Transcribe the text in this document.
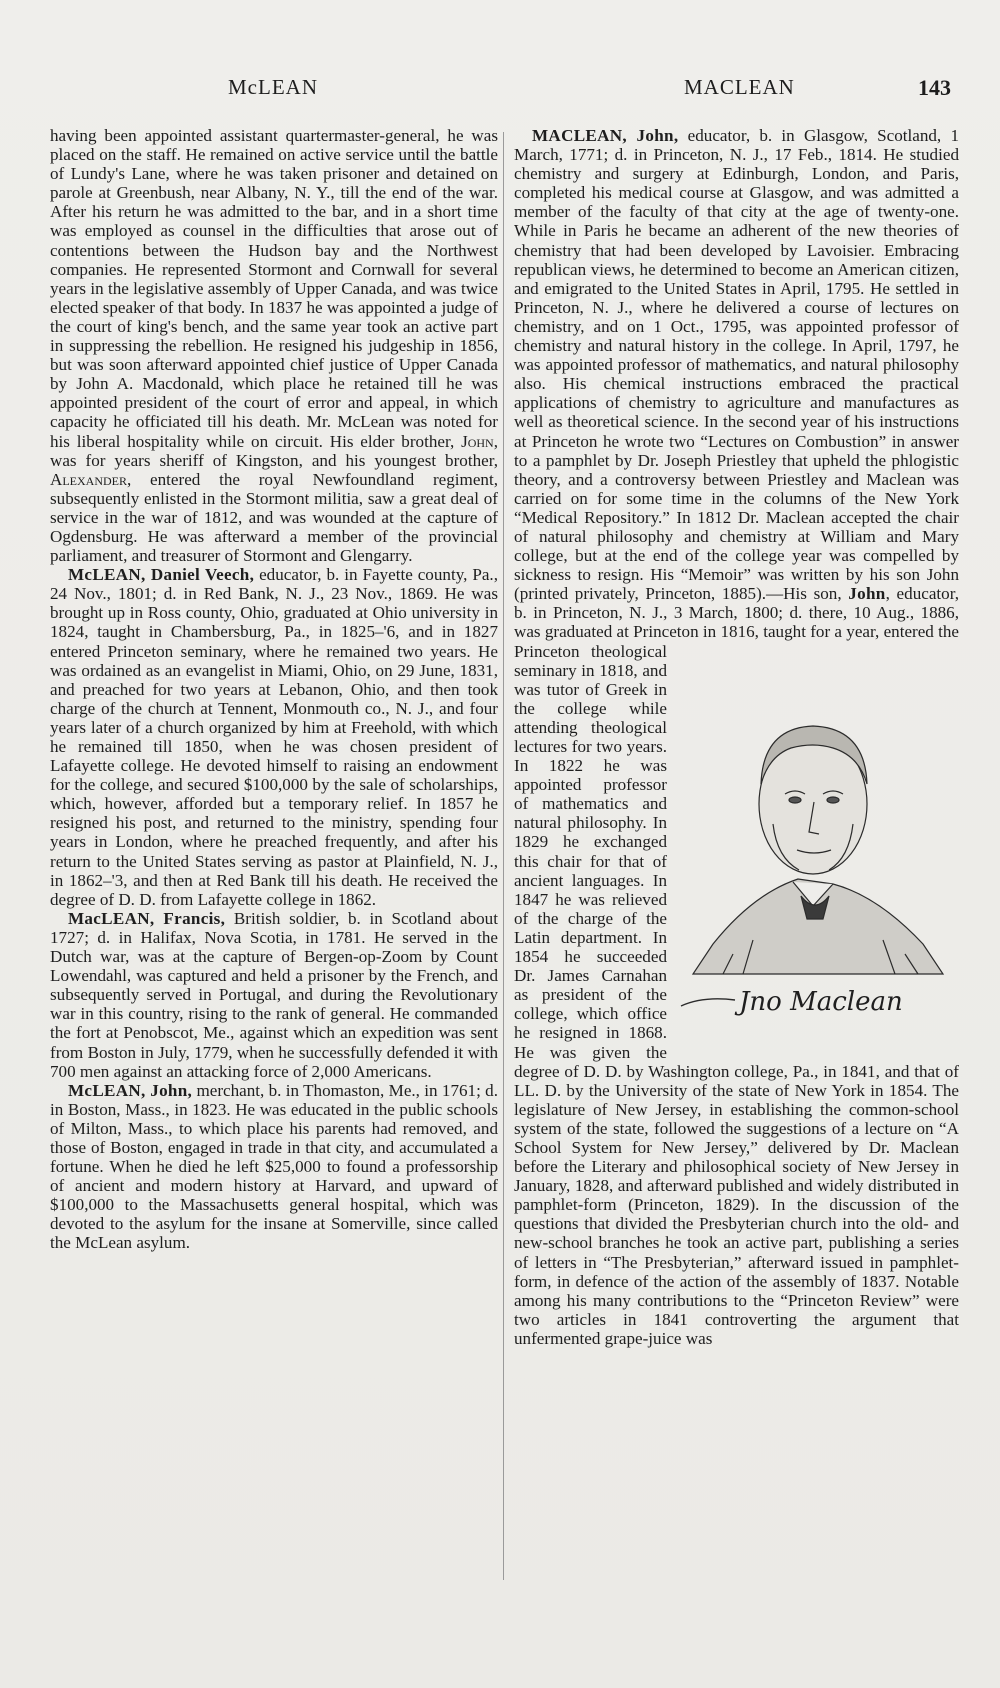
McLEAN	MACLEAN	143

having been appointed assistant quartermaster-general, he was placed on the staff. He remained on active service until the battle of Lundy's Lane, where he was taken prisoner and detained on parole at Greenbush, near Albany, N. Y., till the end of the war. After his return he was admitted to the bar, and in a short time was employed as counsel in the difficulties that arose out of contentions between the Hudson bay and the Northwest companies. He represented Stormont and Cornwall for several years in the legislative assembly of Upper Canada, and was twice elected speaker of that body. In 1837 he was appointed a judge of the court of king's bench, and the same year took an active part in suppressing the rebellion. He resigned his judgeship in 1856, but was soon afterward appointed chief justice of Upper Canada by John A. Macdonald, which place he retained till he was appointed president of the court of error and appeal, in which capacity he officiated till his death. Mr. McLean was noted for his liberal hospitality while on circuit. His elder brother, John, was for years sheriff of Kingston, and his youngest brother, Alexander, entered the royal Newfoundland regiment, subsequently enlisted in the Stormont militia, saw a great deal of service in the war of 1812, and was wounded at the capture of Ogdensburg. He was afterward a member of the provincial parliament, and treasurer of Stormont and Glengarry.

McLEAN, Daniel Veech, educator, b. in Fayette county, Pa., 24 Nov., 1801; d. in Red Bank, N. J., 23 Nov., 1869. He was brought up in Ross county, Ohio, graduated at Ohio university in 1824, taught in Chambersburg, Pa., in 1825–'6, and in 1827 entered Princeton seminary, where he remained two years. He was ordained as an evangelist in Miami, Ohio, on 29 June, 1831, and preached for two years at Lebanon, Ohio, and then took charge of the church at Tennent, Monmouth co., N. J., and four years later of a church organized by him at Freehold, with which he remained till 1850, when he was chosen president of Lafayette college. He devoted himself to raising an endowment for the college, and secured $100,000 by the sale of scholarships, which, however, afforded but a temporary relief. In 1857 he resigned his post, and returned to the ministry, spending four years in London, where he preached frequently, and after his return to the United States serving as pastor at Plainfield, N. J., in 1862–'3, and then at Red Bank till his death. He received the degree of D. D. from Lafayette college in 1862.

MacLEAN, Francis, British soldier, b. in Scotland about 1727; d. in Halifax, Nova Scotia, in 1781. He served in the Dutch war, was at the capture of Bergen-op-Zoom by Count Lowendahl, was captured and held a prisoner by the French, and subsequently served in Portugal, and during the Revolutionary war in this country, rising to the rank of general. He commanded the fort at Penobscot, Me., against which an expedition was sent from Boston in July, 1779, when he successfully defended it with 700 men against an attacking force of 2,000 Americans.

McLEAN, John, merchant, b. in Thomaston, Me., in 1761; d. in Boston, Mass., in 1823. He was educated in the public schools of Milton, Mass., to which place his parents had removed, and those of Boston, engaged in trade in that city, and accumulated a fortune. When he died he left $25,000 to found a professorship of ancient and modern history at Harvard, and upward of $100,000 to the Massachusetts general hospital, which was devoted to the asylum for the insane at Somerville, since called the McLean asylum.

MACLEAN, John, educator, b. in Glasgow, Scotland, 1 March, 1771; d. in Princeton, N. J., 17 Feb., 1814. He studied chemistry and surgery at Edinburgh, London, and Paris, completed his medical course at Glasgow, and was admitted a member of the faculty of that city at the age of twenty-one. While in Paris he became an adherent of the new theories of chemistry that had been developed by Lavoisier. Embracing republican views, he determined to become an American citizen, and emigrated to the United States in April, 1795. He settled in Princeton, N. J., where he delivered a course of lectures on chemistry, and on 1 Oct., 1795, was appointed professor of chemistry and natural history in the college. In April, 1797, he was appointed professor of mathematics, and natural philosophy also. His chemical instructions embraced the practical applications of chemistry to agriculture and manufactures as well as theoretical science. In the second year of his instructions at Princeton he wrote two “Lectures on Combustion” in answer to a pamphlet by Dr. Joseph Priestley that upheld the phlogistic theory, and a controversy between Priestley and Maclean was carried on for some time in the columns of the New York “Medical Repository.” In 1812 Dr. Maclean accepted the chair of natural philosophy and chemistry at William and Mary college, but at the end of the college year was compelled by sickness to resign. His “Memoir” was written by his son John (printed privately, Princeton, 1885).—His son, John, educator, b. in Princeton, N. J., 3 March, 1800; d. there, 10 Aug., 1886, was graduated at Princeton in 1816, taught for a year,
Jno Maclean
entered the Princeton theological seminary in 1818, and was tutor of Greek in the college while attending theological lectures for two years. In 1822 he was appointed professor of mathematics and natural philosophy. In 1829 he exchanged this chair for that of ancient languages. In 1847 he was relieved of the charge of the Latin department. In 1854 he succeeded Dr. James Carnahan as president of the college, which office he resigned in 1868. He was given the degree of D. D. by Washington college, Pa., in 1841, and that of LL. D. by the University of the state of New York in 1854. The legislature of New Jersey, in establishing the common-school system of the state, followed the suggestions of a lecture on “A School System for New Jersey,” delivered by Dr. Maclean before the Literary and philosophical society of New Jersey in January, 1828, and afterward published and widely distributed in pamphlet-form (Princeton, 1829). In the discussion of the questions that divided the Presbyterian church into the old- and new-school branches he took an active part, publishing a series of letters in “The Presbyterian,” afterward issued in pamphlet-form, in defence of the action of the assembly of 1837. Notable among his many contributions to the “Princeton Review” were two articles in 1841 controverting the argument that unfermented grape-juice was
